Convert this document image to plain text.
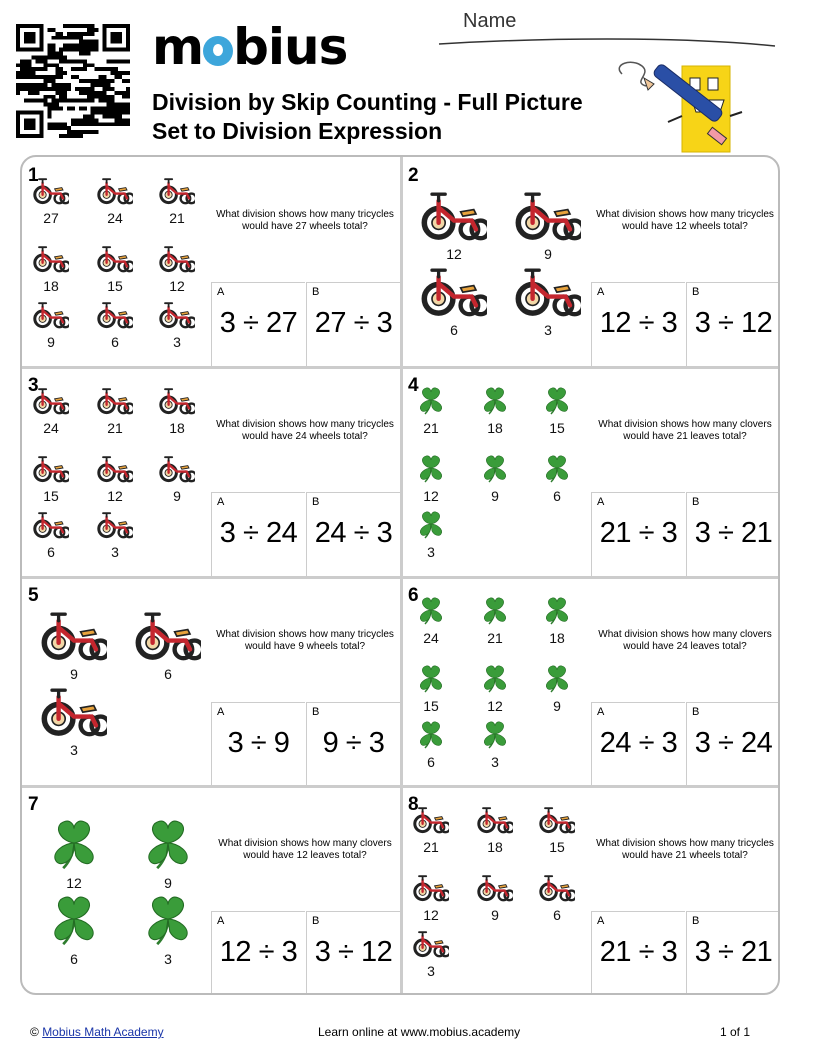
m bius
Division by Skip Counting - Full Picture
Set to Division Expression
Name
1
27	24	21
18	15	12
9	6	3
What division shows how many tricycles would have 27 wheels total?
A
3 ÷ 27
B
27 ÷ 3
2
12	9
6	3
What division shows how many tricycles would have 12 wheels total?
A
12 ÷ 3
B
3 ÷ 12
3
24	21	18
15	12	9
6	3
What division shows how many tricycles would have 24 wheels total?
A
3 ÷ 24
B
24 ÷ 3
4
21	18	15
12	9	6
3
What division shows how many clovers would have 21 leaves total?
A
21 ÷ 3
B
3 ÷ 21
5
9	6
3
What division shows how many tricycles would have 9 wheels total?
A
3 ÷ 9
B
9 ÷ 3
6
24	21	18
15	12	9
6	3
What division shows how many clovers would have 24 leaves total?
A
24 ÷ 3
B
3 ÷ 24
7
12	9
6	3
What division shows how many clovers would have 12 leaves total?
A
12 ÷ 3
B
3 ÷ 12
8
21	18	15
12	9	6
3
What division shows how many tricycles would have 21 wheels total?
A
21 ÷ 3
B
3 ÷ 21
© Mobius Math Academy	Learn online at www.mobius.academy	1 of 1
